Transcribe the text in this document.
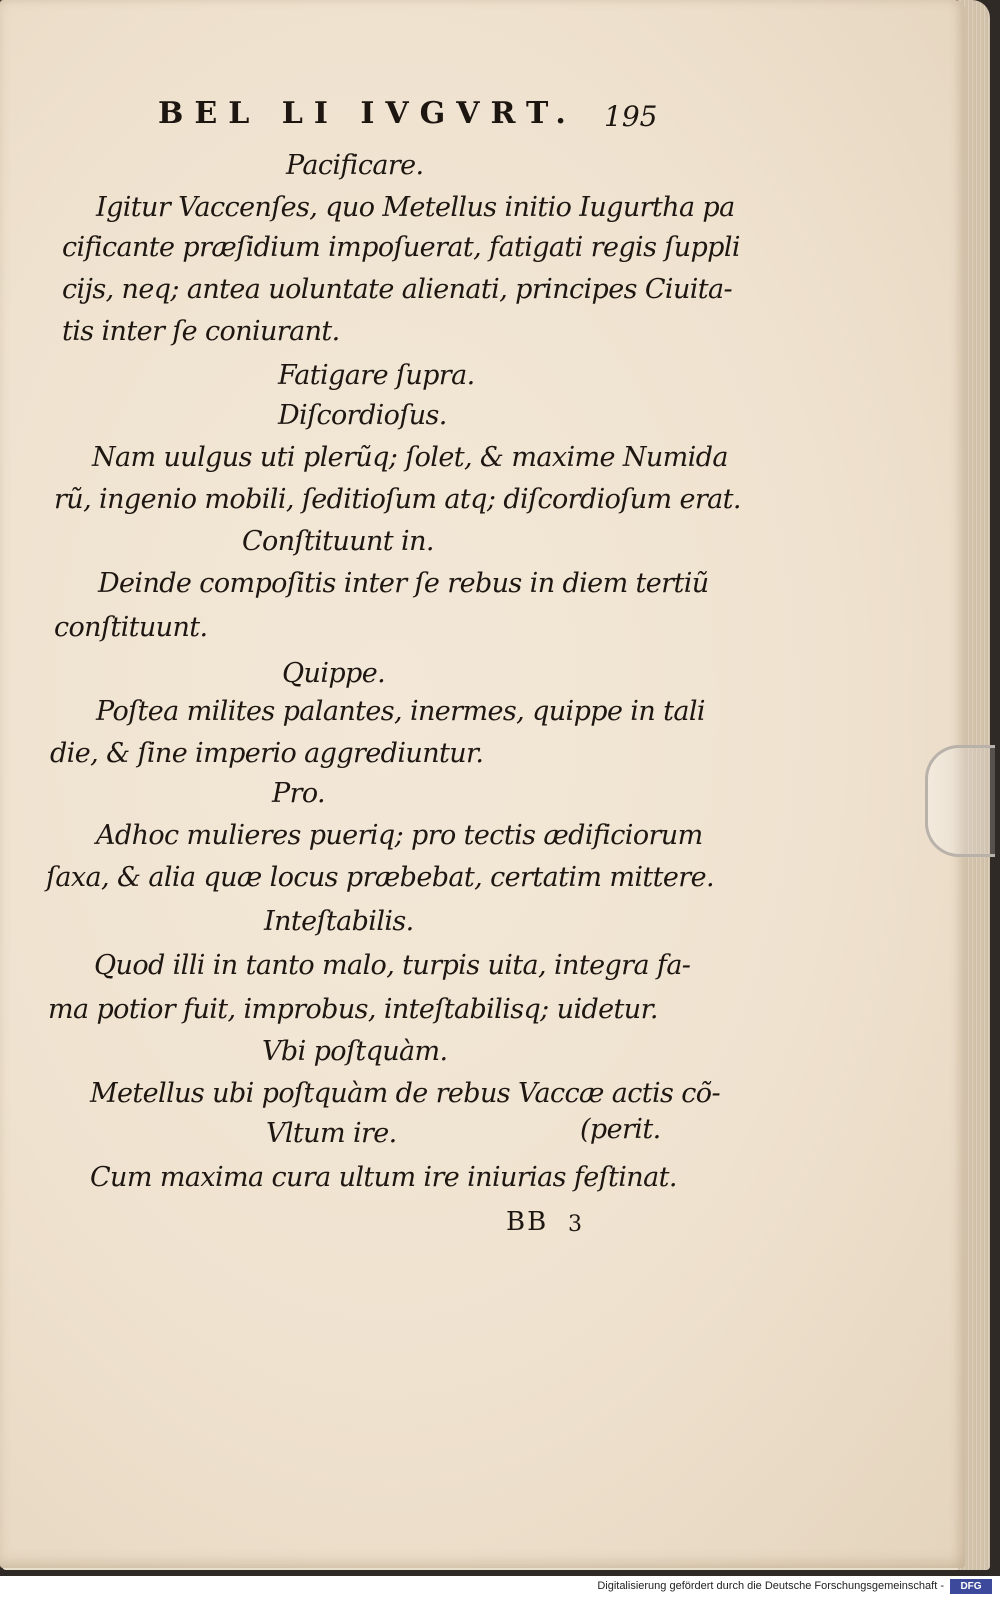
BEL LI IVGVRT. 195
Pacificare.
Igitur Vaccenſes, quo Metellus initio Iugurtha pa
cificante præſidium impoſuerat, fatigati regis ſuppli
cijs, neq; antea uoluntate alienati, principes Ciuita-
tis inter ſe coniurant.
Fatigare ſupra.
Diſcordioſus.
Nam uulgus uti plerũq; ſolet, & maxime Numida
rũ, ingenio mobili, ſeditioſum atq; diſcordioſum erat.
Conſtituunt in.
Deinde compoſitis inter ſe rebus in diem tertiũ
conſtituunt.
Quippe.
Poſtea milites palantes, inermes, quippe in tali
die, & ſine imperio aggrediuntur.
Pro.
Adhoc mulieres pueriq; pro tectis ædificiorum
ſaxa, & alia quæ locus præbebat, certatim mittere.
Inteſtabilis.
Quod illi in tanto malo, turpis uita, integra fa-
ma potior fuit, improbus, inteſtabilisq; uidetur.
Vbi poſtquàm.
Metellus ubi poſtquàm de rebus Vaccæ actis cõ-
Vltum ire.	(perit.
Cum maxima cura ultum ire iniurias feſtinat.
BB 3
Digitalisierung gefördert durch die Deutsche Forschungsgemeinschaft -	DFG
